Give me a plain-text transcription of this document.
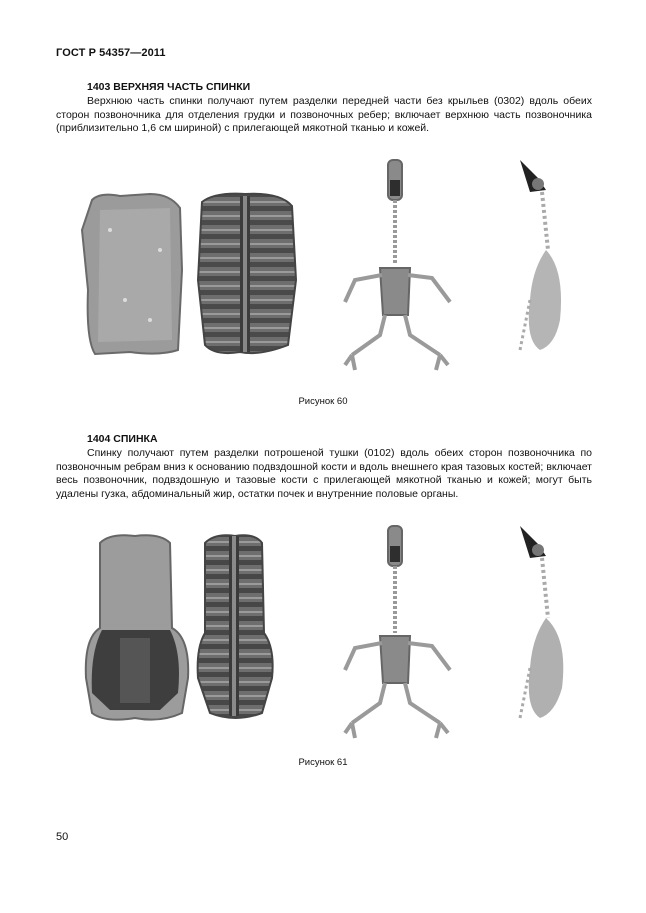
ГОСТ Р 54357—2011
1403 ВЕРХНЯЯ ЧАСТЬ СПИНКИ
Верхнюю часть спинки получают путем разделки передней части без крыльев (0302) вдоль обеих сторон позвоночника для отделения грудки и позвоночных ребер; включает верхнюю часть позвоночника (приблизительно 1,6 см шириной) с прилегающей мякотной тканью и кожей.
Рисунок 60
1404 СПИНКА
Спинку получают путем разделки потрошеной тушки (0102) вдоль обеих сторон позвоночника по позвоночным ребрам вниз к основанию подвздошной кости и вдоль внешнего края тазовых костей; включает весь позвоночник, подвздошную и тазовые кости с прилегающей мякотной тканью и кожей; могут быть удалены гузка, абдоминальный жир, остатки почек и внутренние половые органы.
Рисунок 61
50
